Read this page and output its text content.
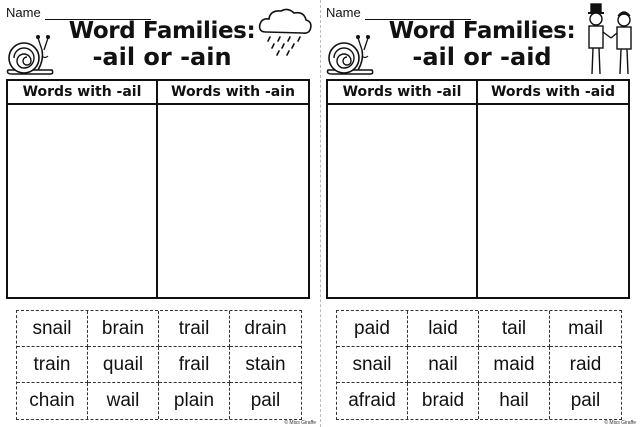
Name
Word Families:
-ail or -ain
Words with -ail	Words with -ain
snail	brain	trail	drain
train	quail	frail	stain
chain	wail	plain	pail
© Miss Giraffe
Name
Word Families:
-ail or -aid
Words with -ail	Words with -aid
paid	laid	tail	mail
snail	nail	maid	raid
afraid	braid	hail	pail
© Miss Giraffe
